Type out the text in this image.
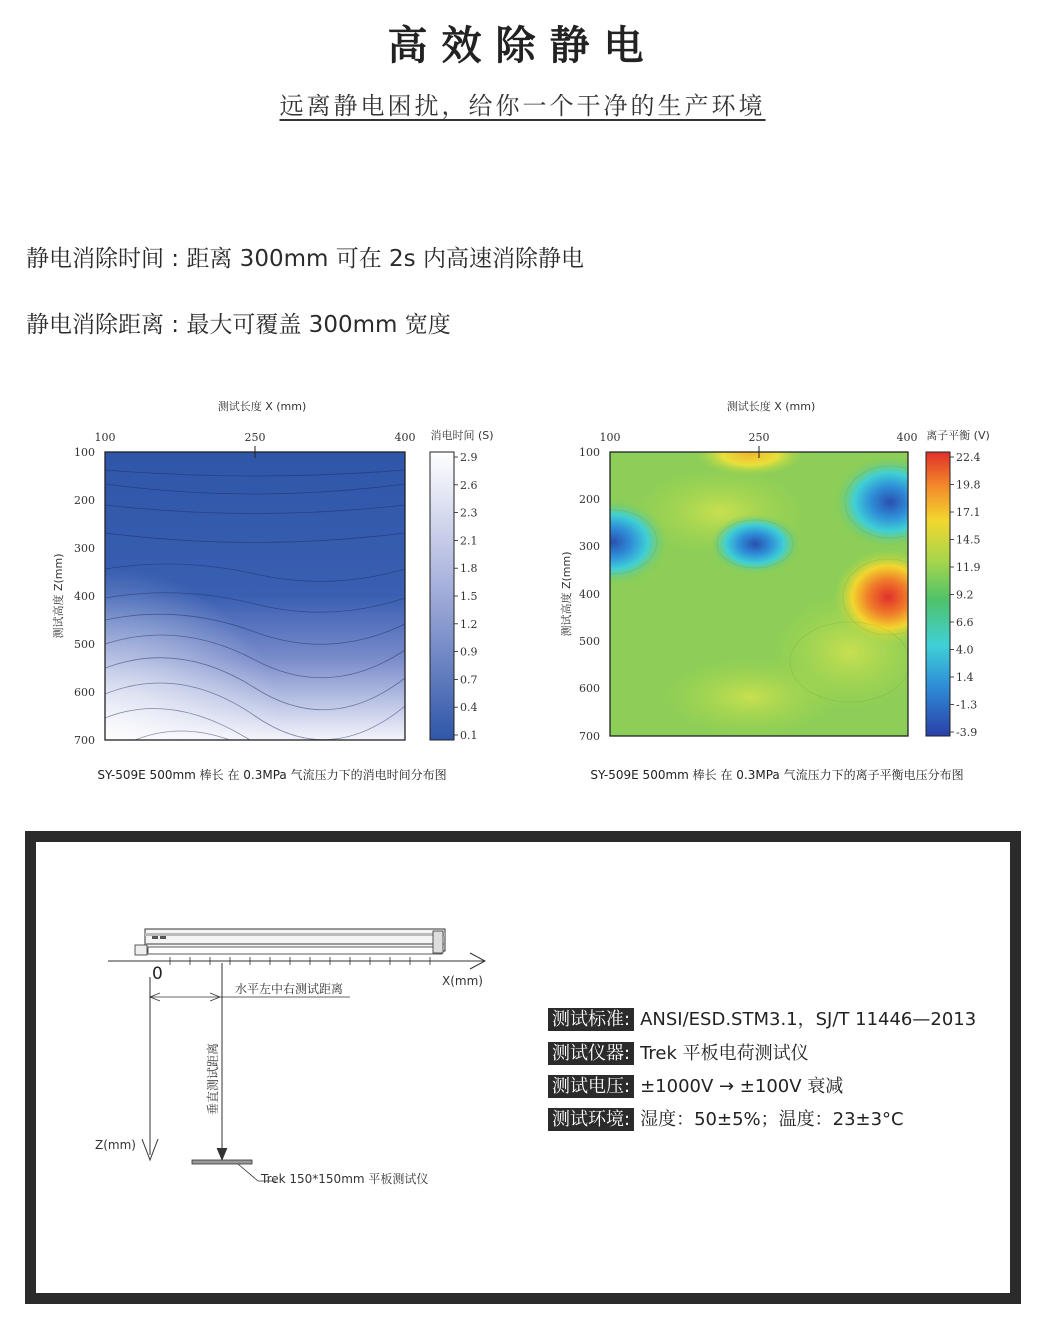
高效除静电
远离静电困扰，给你一个干净的生产环境
静电消除时间 : 距离 300mm 可在 2s 内高速消除静电
静电消除距离 : 最大可覆盖 300mm 宽度
测试长度 X (mm)
100	250	400
100
200
300
400
500
600
700
测试高度 Z(mm)
消电时间 (S)
2.9
2.6
2.3
2.1
1.8
1.5
1.2
0.9
0.7
0.4
0.1
SY-509E 500mm 棒长 在 0.3MPa 气流压力下的消电时间分布图
测试长度 X (mm)
100	250	400
100
200
300
400
500
600
700
测试高度 Z(mm)
离子平衡 (V)
22.4
19.8
17.1
14.5
11.9
9.2
6.6
4.0
1.4
-1.3
-3.9
SY-509E 500mm 棒长 在 0.3MPa 气流压力下的离子平衡电压分布图
0	X(mm)
Z(mm)
水平左中右测试距离
垂直测试距离
Trek 150*150mm 平板测试仪
测试标准: ANSI/ESD.STM3.1，SJ/T 11446—2013
测试仪器: Trek 平板电荷测试仪
测试电压: ±1000V → ±100V 衰减
测试环境: 湿度：50±5%；温度：23±3°C
